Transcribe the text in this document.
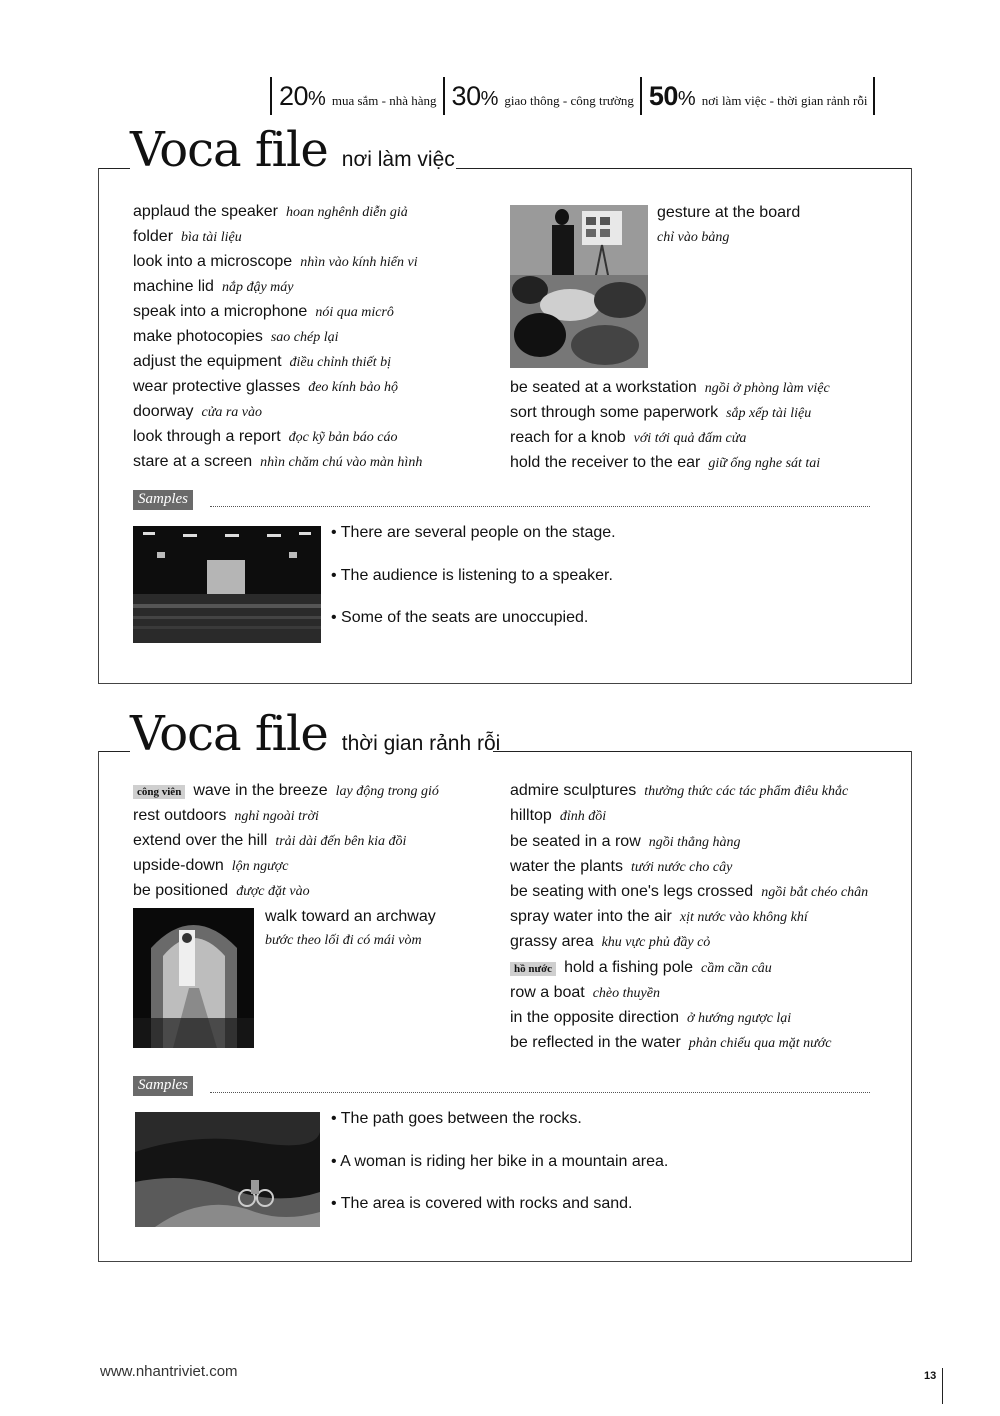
20 % mua sắm - nhà hàng 30 % giao thông - công trường 50 % nơi làm việc - thời gian rảnh rỗi
Voca file nơi làm việc
applaud the speaker hoan nghênh diễn giả
folder bìa tài liệu
look into a microscope nhìn vào kính hiển vi
machine lid nắp đậy máy
speak into a microphone nói qua micrô
make photocopies sao chép lại
adjust the equipment điều chỉnh thiết bị
wear protective glasses đeo kính bảo hộ
doorway cửa ra vào
look through a report đọc kỹ bản báo cáo
stare at a screen nhìn chăm chú vào màn hình
gesture at the board
chỉ vào bảng
be seated at a workstation ngồi ở phòng làm việc
sort through some paperwork sắp xếp tài liệu
reach for a knob với tới quả đấm cửa
hold the receiver to the ear giữ ống nghe sát tai
Samples
• There are several people on the stage.
• The audience is listening to a speaker.
• Some of the seats are unoccupied.
Voca file thời gian rảnh rỗi
công viên wave in the breeze lay động trong gió
rest outdoors nghỉ ngoài trời
extend over the hill trải dài đến bên kia đồi
upside-down lộn ngược
be positioned được đặt vào
walk toward an archway
bước theo lối đi có mái vòm
admire sculptures thưởng thức các tác phẩm điêu khắc
hilltop đỉnh đồi
be seated in a row ngồi thẳng hàng
water the plants tưới nước cho cây
be seating with one's legs crossed ngồi bắt chéo chân
spray water into the air xịt nước vào không khí
grassy area khu vực phủ đầy cỏ
hồ nước hold a fishing pole cầm cần câu
row a boat chèo thuyền
in the opposite direction ở hướng ngược lại
be reflected in the water phản chiếu qua mặt nước
Samples
• The path goes between the rocks.
• A woman is riding her bike in a mountain area.
• The area is covered with rocks and sand.
www.nhantriviet.com	13
